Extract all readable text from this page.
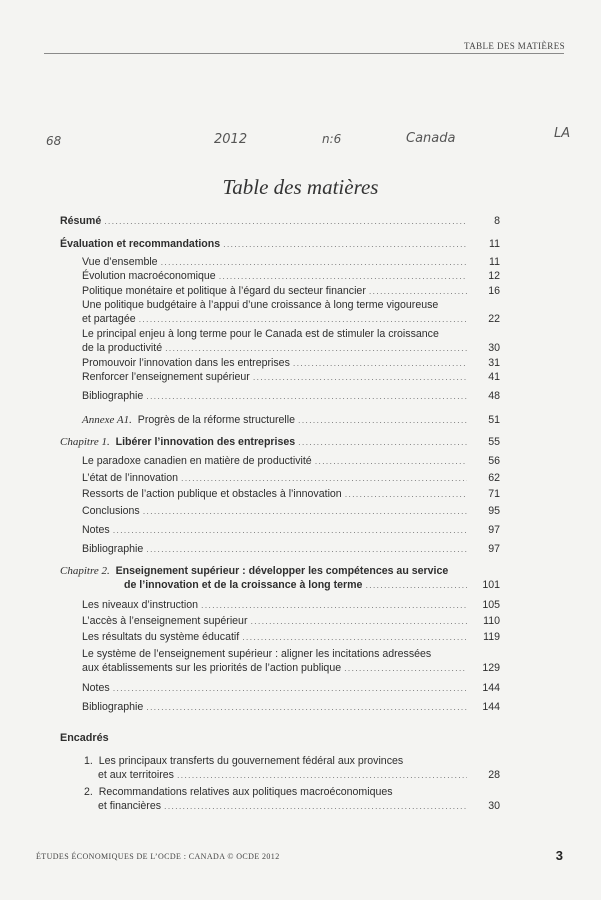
TABLE DES MATIÈRES
68	2012	n:6	Canada	LA
Table des matières
Résumé .....	8
Évaluation et recommandations .....	11
Vue d’ensemble .....	11
Évolution macroéconomique .....	12
Politique monétaire et politique à l’égard du secteur financier .....	16
Une politique budgétaire à l’appui d’une croissance à long terme vigoureuse
et partagée .....	22
Le principal enjeu à long terme pour le Canada est de stimuler la croissance
de la productivité .....	30
Promouvoir l’innovation dans les entreprises .....	31
Renforcer l’enseignement supérieur .....	41
Bibliographie .....	48
Annexe A1. Progrès de la réforme structurelle .....	51
Chapitre 1. Libérer l’innovation des entreprises .....	55
Le paradoxe canadien en matière de productivité .....	56
L’état de l’innovation .....	62
Ressorts de l’action publique et obstacles à l’innovation .....	71
Conclusions .....	95
Notes .....	97
Bibliographie .....	97
Chapitre 2. Enseignement supérieur : développer les compétences au service
de l’innovation et de la croissance à long terme .....	101
Les niveaux d’instruction .....	105
L’accès à l’enseignement supérieur .....	110
Les résultats du système éducatif .....	119
Le système de l’enseignement supérieur : aligner les incitations adressées
aux établissements sur les priorités de l’action publique .....	129
Notes .....	144
Bibliographie .....	144
Encadrés
1. Les principaux transferts du gouvernement fédéral aux provinces
et aux territoires .....	28
2. Recommandations relatives aux politiques macroéconomiques
et financières .....	30
ÉTUDES ÉCONOMIQUES DE L’OCDE : CANADA © OCDE 2012	3
